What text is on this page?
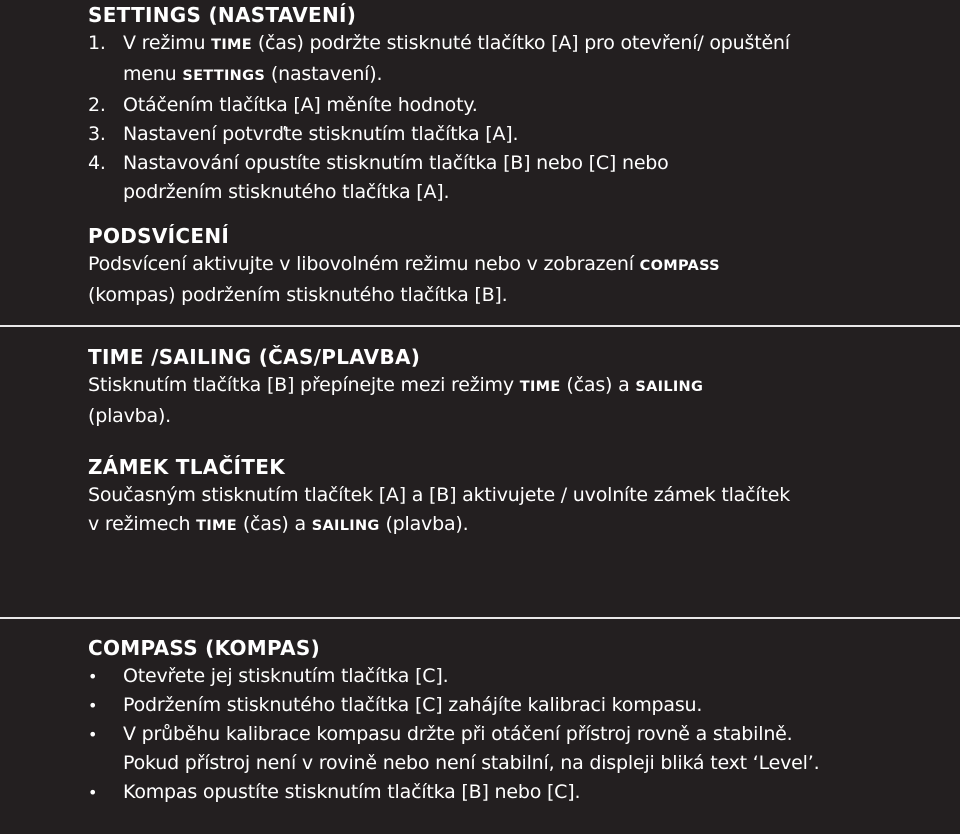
SETTINGS (NASTAVENÍ)
1. V režimu TIME (čas) podržte stisknuté tlačítko [A] pro otevření/ opuštění menu SETTINGS (nastavení).
2. Otáčením tlačítka [A] měníte hodnoty.
3. Nastavení potvrďte stisknutím tlačítka [A].
4. Nastavování opustíte stisknutím tlačítka [B] nebo [C] nebo podržením stisknutého tlačítka [A].
PODSVÍCENÍ

Podsvícení aktivujte v libovolném režimu nebo v zobrazení COMPASS (kompas) podržením stisknutého tlačítka [B].

TIME /SAILING (ČAS/PLAVBA)

Stisknutím tlačítka [B] přepínejte mezi režimy TIME (čas) a SAILING (plavba).

ZÁMEK TLAČÍTEK

Současným stisknutím tlačítek [A] a [B] aktivujete / uvolníte zámek tlačítek v režimech TIME (čas) a SAILING (plavba).

COMPASS (KOMPAS)
• Otevřete jej stisknutím tlačítka [C].
• Podržením stisknutého tlačítka [C] zahájíte kalibraci kompasu.
• V průběhu kalibrace kompasu držte při otáčení přístroj rovně a stabilně. Pokud přístroj není v rovině nebo není stabilní, na displeji bliká text ‘Level’.
• Kompas opustíte stisknutím tlačítka [B] nebo [C].
